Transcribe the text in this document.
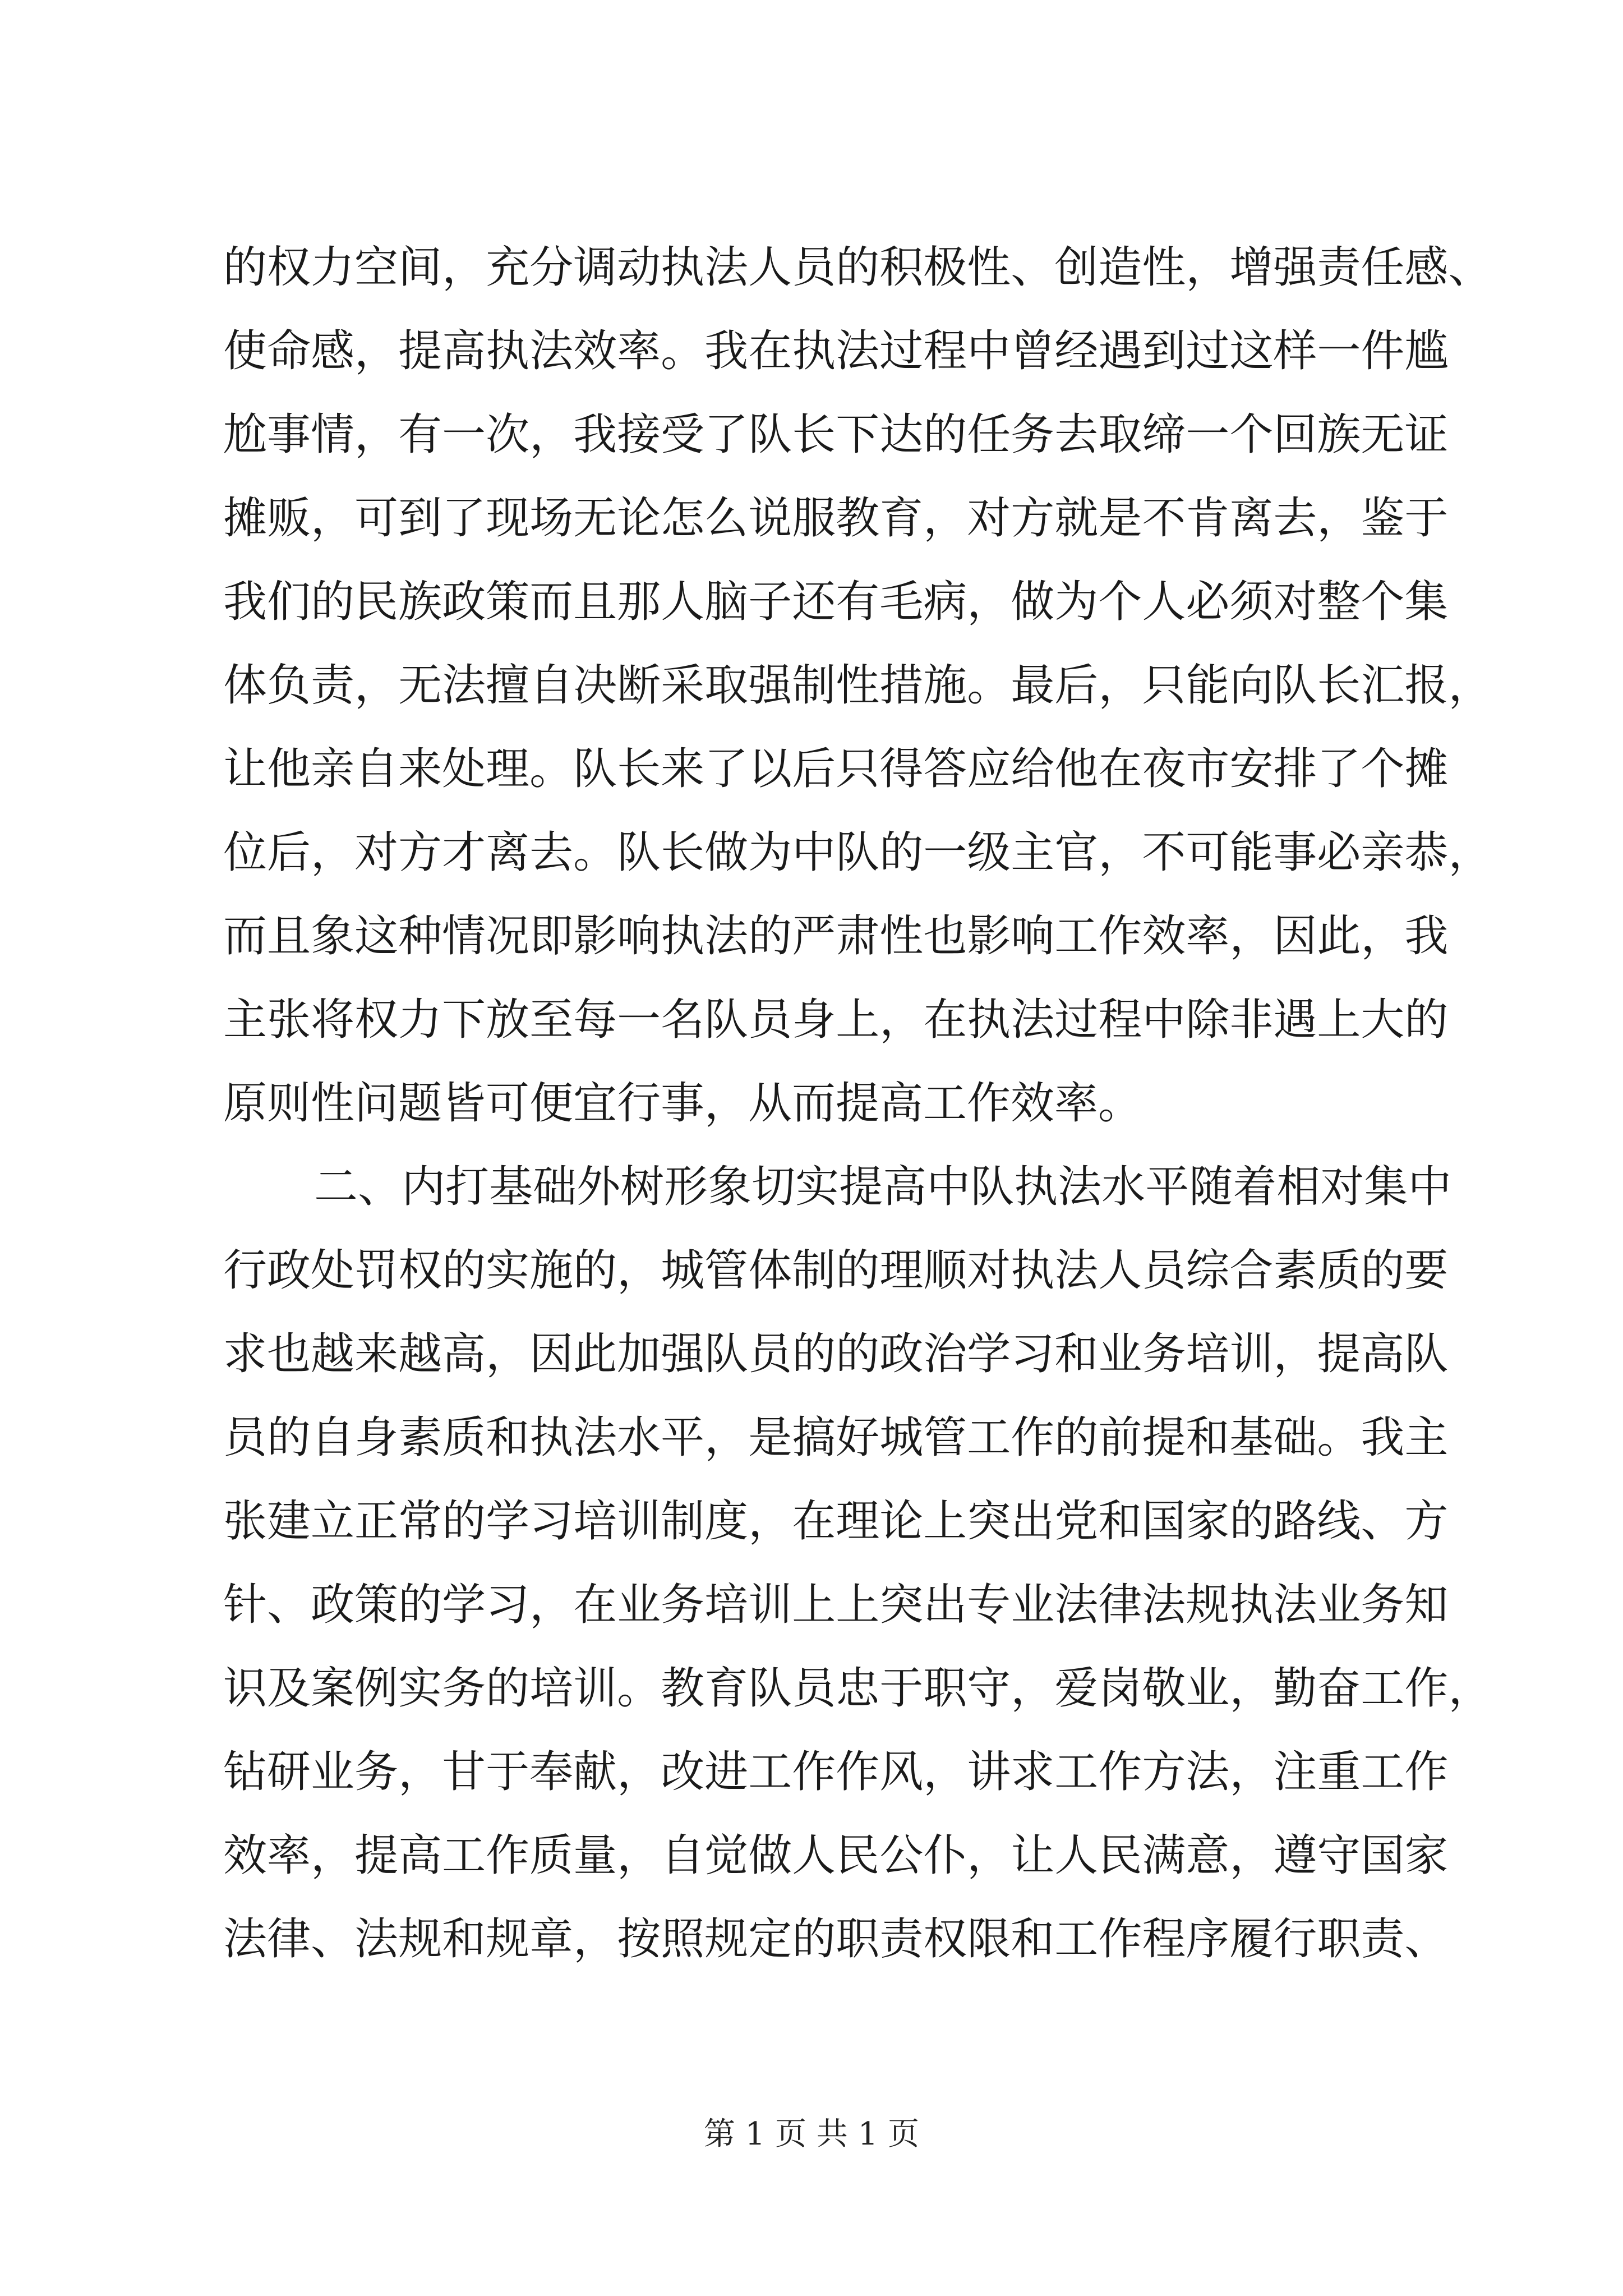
的 权 力 空 间 ， 充 分 调 动 执 法 人 员 的 积 极 性 、 创 造 性 ， 增 强 责 任 感 、
使 命 感 ， 提 高 执 法 效 率 。 我 在 执 法 过 程 中 曾 经 遇 到 过 这 样 一 件 尴
尬 事 情 ， 有 一 次 ， 我 接 受 了 队 长 下 达 的 任 务 去 取 缔 一 个 回 族 无 证
摊 贩 ， 可 到 了 现 场 无 论 怎 么 说 服 教 育 ， 对 方 就 是 不 肯 离 去 ， 鉴 于
我 们 的 民 族 政 策 而 且 那 人 脑 子 还 有 毛 病 ， 做 为 个 人 必 须 对 整 个 集
体 负 责 ， 无 法 擅 自 决 断 采 取 强 制 性 措 施 。 最 后 ， 只 能 向 队 长 汇 报 ，
让 他 亲 自 来 处 理 。 队 长 来 了 以 后 只 得 答 应 给 他 在 夜 市 安 排 了 个 摊
位 后 ， 对 方 才 离 去 。 队 长 做 为 中 队 的 一 级 主 官 ， 不 可 能 事 必 亲 恭 ，
而 且 象 这 种 情 况 即 影 响 执 法 的 严 肃 性 也 影 响 工 作 效 率 ， 因 此 ， 我
主 张 将 权 力 下 放 至 每 一 名 队 员 身 上 ， 在 执 法 过 程 中 除 非 遇 上 大 的
原则性问题皆可便宜行事，从而提高工作效率。
二 、 内 打 基 础 外 树 形 象 切 实 提 高 中 队 执 法 水 平 随 着 相 对 集 中
行 政 处 罚 权 的 实 施 的 ， 城 管 体 制 的 理 顺 对 执 法 人 员 综 合 素 质 的 要
求 也 越 来 越 高 ， 因 此 加 强 队 员 的 的 政 治 学 习 和 业 务 培 训 ， 提 高 队
员 的 自 身 素 质 和 执 法 水 平 ， 是 搞 好 城 管 工 作 的 前 提 和 基 础 。 我 主
张 建 立 正 常 的 学 习 培 训 制 度 ， 在 理 论 上 突 出 党 和 国 家 的 路 线 、 方
针 、 政 策 的 学 习 ， 在 业 务 培 训 上 上 突 出 专 业 法 律 法 规 执 法 业 务 知
识 及 案 例 实 务 的 培 训 。 教 育 队 员 忠 于 职 守 ， 爱 岗 敬 业 ， 勤 奋 工 作 ，
钻 研 业 务 ， 甘 于 奉 献 ， 改 进 工 作 作 风 ， 讲 求 工 作 方 法 ， 注 重 工 作
效 率 ， 提 高 工 作 质 量 ， 自 觉 做 人 民 公 仆 ， 让 人 民 满 意 ， 遵 守 国 家
法 律 、 法 规 和 规 章 ， 按 照 规 定 的 职 责 权 限 和 工 作 程 序 履 行 职 责 、
第 1 页 共 1 页
